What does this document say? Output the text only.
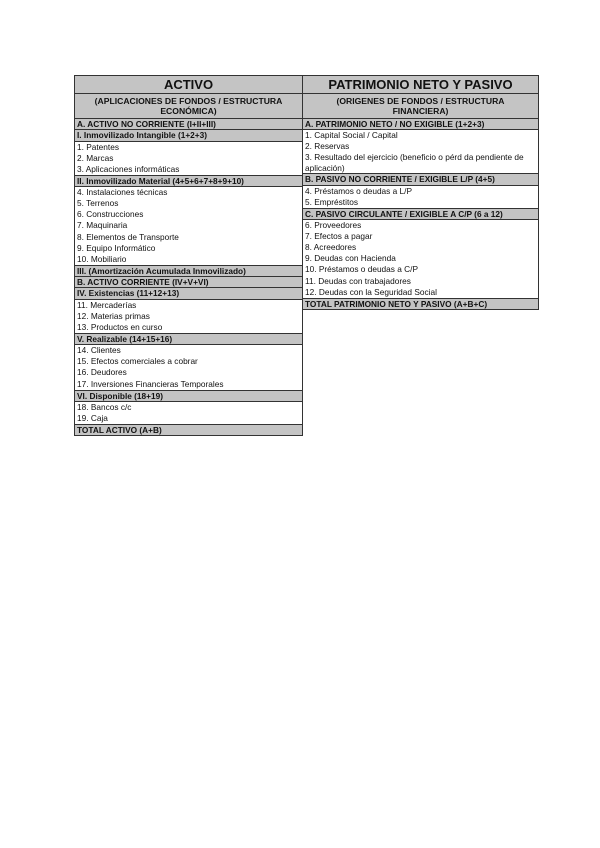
ACTIVO
(APLICACIONES DE FONDOS / ESTRUCTURA ECONÓMICA)
A. ACTIVO NO CORRIENTE (I+II+III)
I. Inmovilizado Intangible (1+2+3)
1. Patentes
2. Marcas
3. Aplicaciones informáticas
II. Inmovilizado Material (4+5+6+7+8+9+10)
4. Instalaciones técnicas
5. Terrenos
6. Construcciones
7. Maquinaria
8. Elementos de Transporte
9. Equipo Informático
10. Mobiliario
III. (Amortización Acumulada Inmovilizado)
B. ACTIVO CORRIENTE (IV+V+VI)
IV. Existencias (11+12+13)
11. Mercaderías
12. Materias primas
13. Productos en curso
V. Realizable (14+15+16)
14. Clientes
15. Efectos comerciales a cobrar
16. Deudores
17. Inversiones Financieras Temporales
VI. Disponible (18+19)
18. Bancos c/c
19. Caja
TOTAL ACTIVO (A+B)
PATRIMONIO NETO Y PASIVO
(ORIGENES DE FONDOS / ESTRUCTURA FINANCIERA)
A. PATRIMONIO NETO / NO EXIGIBLE (1+2+3)
1. Capital Social / Capital
2. Reservas
3. Resultado del ejercicio (beneficio o pérd da pendiente de aplicación)
B. PASIVO NO CORRIENTE / EXIGIBLE L/P (4+5)
4. Préstamos o deudas a L/P
5. Empréstitos
C. PASIVO CIRCULANTE / EXIGIBLE A C/P (6 a 12)
6. Proveedores
7. Efectos a pagar
8. Acreedores
9. Deudas con Hacienda
10. Préstamos o deudas a C/P
11. Deudas con trabajadores
12. Deudas con la Seguridad Social
TOTAL PATRIMONIO NETO Y PASIVO (A+B+C)
